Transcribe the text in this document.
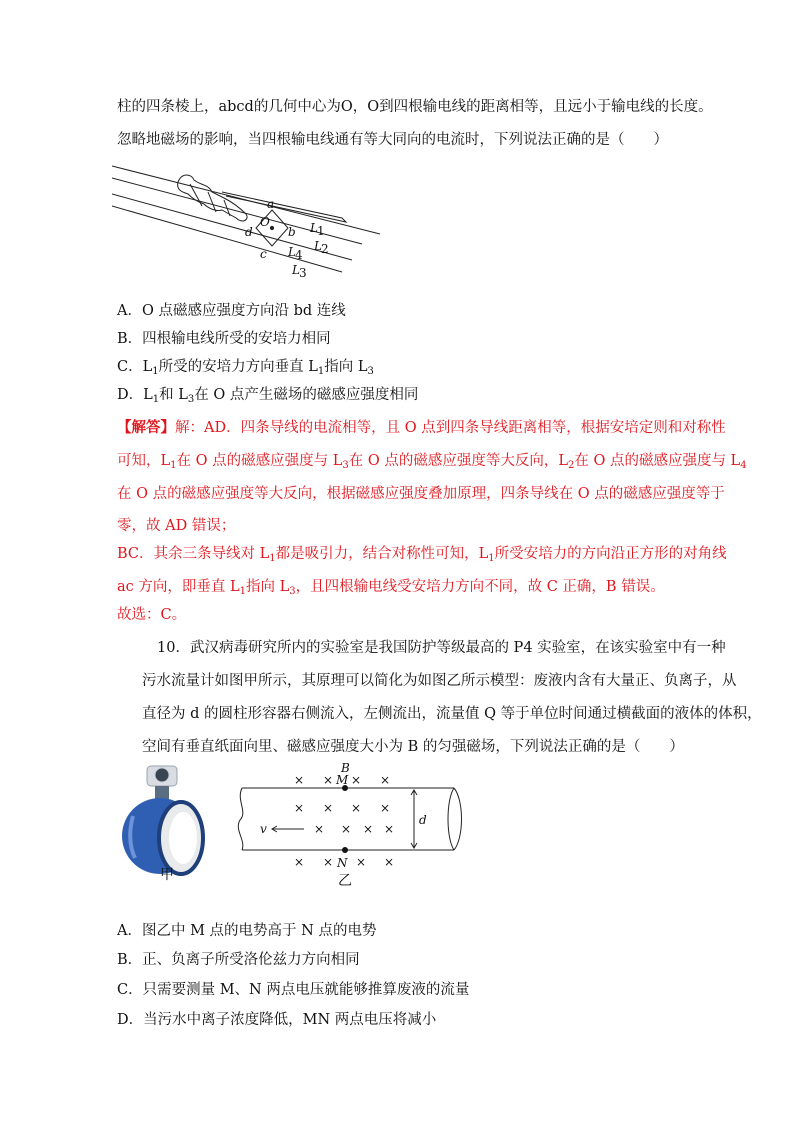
柱的四条棱上，abcd的几何中心为O，O到四根输电线的距离相等，且远小于输电线的长度。
忽略地磁场的影响，当四根输电线通有等大同向的电流时，下列说法正确的是（　　）
a
b
c
d
O	L 1
L 2
L 4
L 3
A．O 点磁感应强度方向沿 bd 连线
B．四根输电线所受的安培力相同
C．$L_1$所受的安培力方向垂直 $L_1$指向 $L_3$
D．$L_1$和 $L_3$在 O 点产生磁场的磁感应强度相同
【解答】解：AD．四条导线的电流相等，且 O 点到四条导线距离相等，根据安培定则和对称性
可知，$L_1$在 O 点的磁感应强度与 $L_3$在 O 点的磁感应强度等大反向，$L_2$在 O 点的磁感应强度与 $L_4$
在 O 点的磁感应强度等大反向，根据磁感应强度叠加原理，四条导线在 O 点的磁感应强度等于
零，故 AD 错误；
BC．其余三条导线对 $L_1$都是吸引力，结合对称性可知，$L_1$所受安培力的方向沿正方形的对角线
ac 方向，即垂直 $L_1$指向 $L_3$，且四根输电线受安培力方向不同，故 C 正确，B 错误。
故选：C。
10．武汉病毒研究所内的实验室是我国防护等级最高的 P4 实验室，在该实验室中有一种
污水流量计如图甲所示，其原理可以简化为如图乙所示模型：废液内含有大量正、负离子，从
直径为 d 的圆柱形容器右侧流入，左侧流出，流量值 Q 等于单位时间通过横截面的液体的体积，
空间有垂直纸面向里、磁感应强度大小为 B 的匀强磁场，下列说法正确的是（　　）
甲
B
M
N
v
d
× × × ×
× × × ×
× × × ×
× × × ×
乙
A．图乙中 M 点的电势高于 N 点的电势
B．正、负离子所受洛伦兹力方向相同
C．只需要测量 M、N 两点电压就能够推算废液的流量
D．当污水中离子浓度降低，MN 两点电压将减小
